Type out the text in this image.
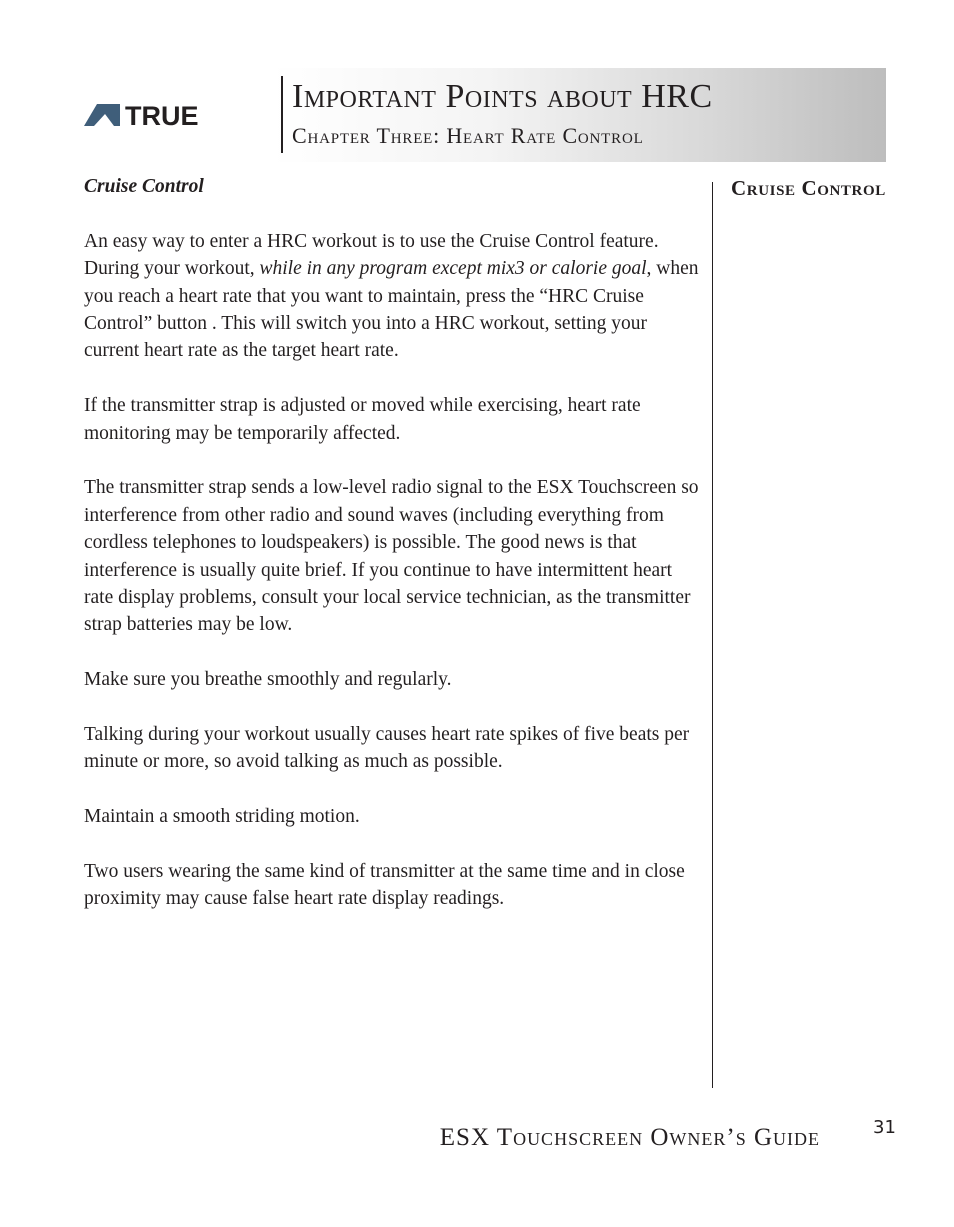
TRUE
Important Points about HRC
Chapter Three: Heart Rate Control

Cruise Control

An easy way to enter a HRC workout is to use the Cruise Control feature. During your workout, while in any program except mix3 or calorie goal, when you reach a heart rate that you want to maintain, press the “HRC Cruise Control” button . This will switch you into a HRC workout, setting your current heart rate as the target heart rate.

If the transmitter strap is adjusted or moved while exercising, heart rate monitoring may be temporarily affected.

The transmitter strap sends a low-level radio signal to the ESX Touchscreen so interference from other radio and sound waves (including everything from cordless telephones to loudspeakers) is possible. The good news is that interference is usually quite brief. If you continue to have intermittent heart rate display problems, consult your local service technician, as the transmitter strap batteries may be low.

Make sure you breathe smoothly and regularly.

Talking during your workout usually causes heart rate spikes of five beats per minute or more, so avoid talking as much as possible.

Maintain a smooth striding motion.

Two users wearing the same kind of transmitter at the same time and in close proximity may cause false heart rate display readings.

Cruise Control
ESX Touchscreen Owner’s Guide	31
